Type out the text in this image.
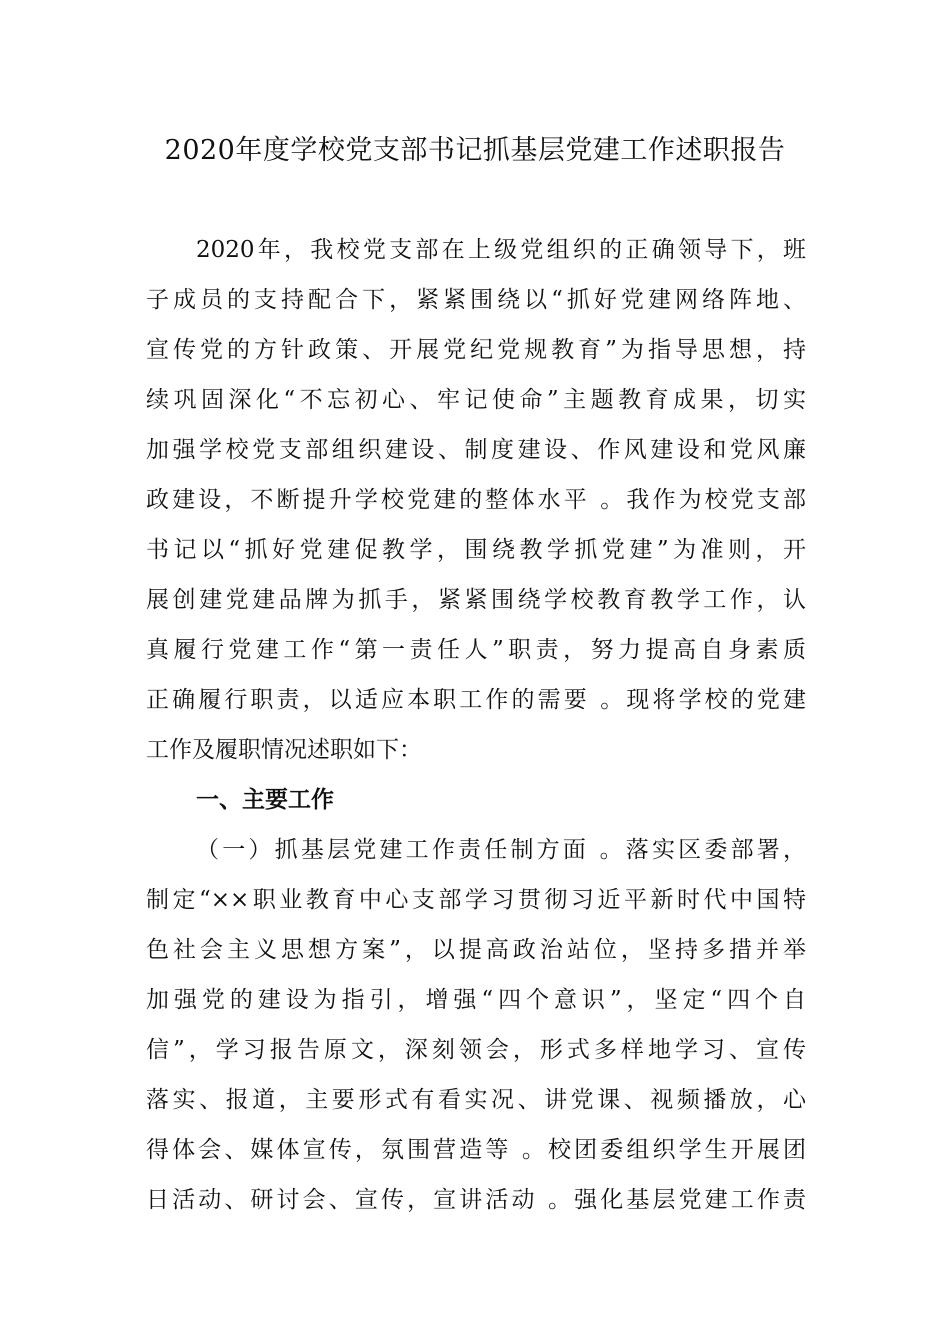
2020年度学校党支部书记抓基层党建工作述职报告

2020年，我校党支部在上级党组织的正确领导下，班

子成员的支持配合下，紧紧围绕以“抓好党建网络阵地、

宣传党的方针政策、开展党纪党规教育”为指导思想，持

续巩固深化“不忘初心、牢记使命”主题教育成果，切实

加强学校党支部组织建设、制度建设、作风建设和党风廉

政建设，不断提升学校党建的整体水平 。我作为校党支部

书记以“抓好党建促教学，围绕教学抓党建”为准则，开

展创建党建品牌为抓手，紧紧围绕学校教育教学工作，认

真履行党建工作“第一责任人”职责，努力提高自身素质

正确履行职责，以适应本职工作的需要 。现将学校的党建

工作及履职情况述职如下：

一、主要工作

（一）抓基层党建工作责任制方面 。落实区委部署，

制定“××职业教育中心支部学习贯彻习近平新时代中国特

色社会主义思想方案”，以提高政治站位，坚持多措并举

加强党的建设为指引，增强“四个意识”，坚定“四个自

信”，学习报告原文，深刻领会，形式多样地学习、宣传

落实、报道，主要形式有看实况、讲党课、视频播放，心

得体会、媒体宣传，氛围营造等 。校团委组织学生开展团

日活动、研讨会、宣传，宣讲活动 。强化基层党建工作责
